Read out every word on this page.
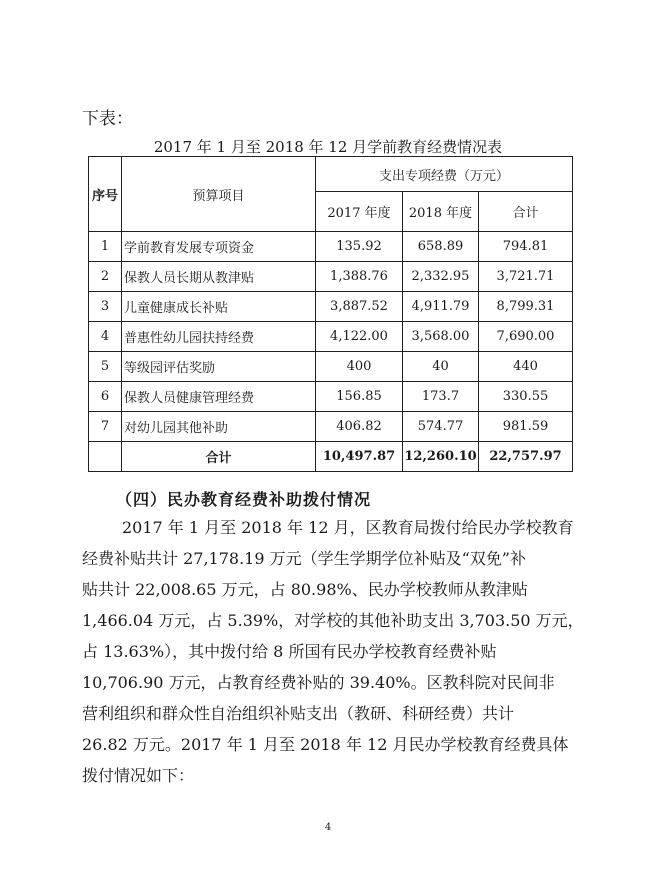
下表：
2017 年 1 月至 2018 年 12 月学前教育经费情况表
序号	预算项目	支出专项经费（万元）		
		2017 年度	2018 年度	合计
1	学前教育发展专项资金	135.92	658.89	794.81
2	保教人员长期从教津贴	1,388.76	2,332.95	3,721.71
3	儿童健康成长补贴	3,887.52	4,911.79	8,799.31
4	普惠性幼儿园扶持经费	4,122.00	3,568.00	7,690.00
5	等级园评估奖励	400	40	440
6	保教人员健康管理经费	156.85	173.7	330.55
7	对幼儿园其他补助	406.82	574.77	981.59
	合计	10,497.87	12,260.10	22,757.97
（四）民办教育经费补助拨付情况
2017 年 1 月至 2018 年 12 月，区教育局拨付给民办学校教育
经费补贴共计 27,178.19 万元（学生学期学位补贴及“双免”补
贴共计 22,008.65 万元，占 80.98%、民办学校教师从教津贴
1,466.04 万元，占 5.39%，对学校的其他补助支出 3,703.50 万元，
占 13.63%），其中拨付给 8 所国有民办学校教育经费补贴
10,706.90 万元，占教育经费补贴的 39.40%。区教科院对民间非
营利组织和群众性自治组织补贴支出（教研、科研经费）共计
26.82 万元。2017 年 1 月至 2018 年 12 月民办学校教育经费具体
拨付情况如下：
4
